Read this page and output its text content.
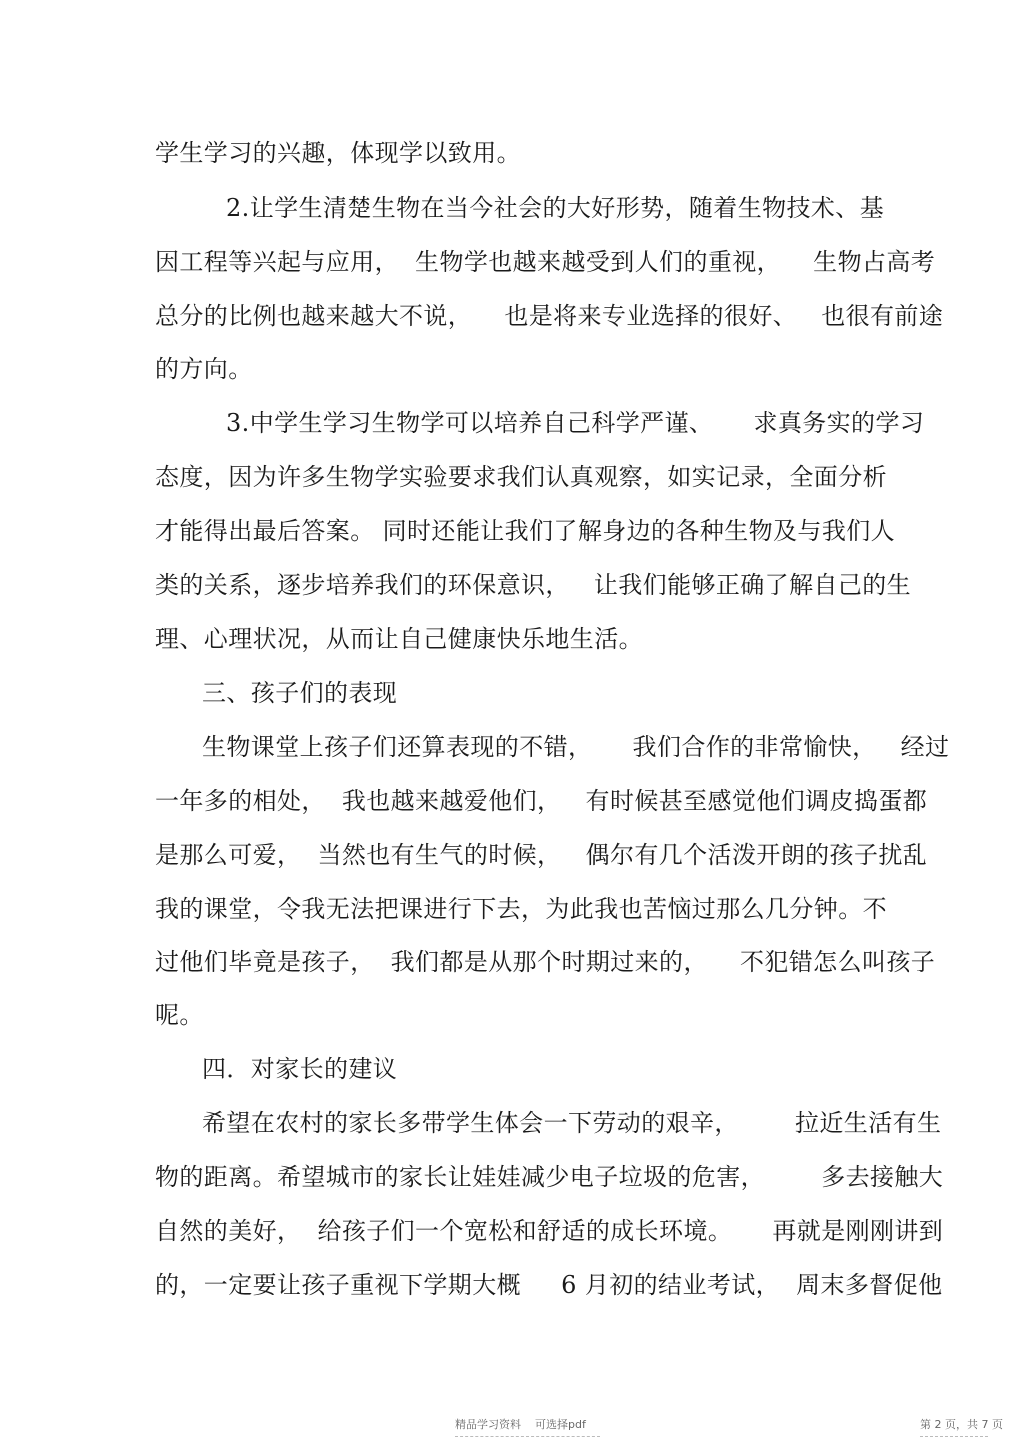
学生学习的兴趣，体现学以致用。
2.让学生清楚生物在当今社会的大好形势，随着生物技术、基
因工程等兴起与应用，  生物学也越来越受到人们的重视，    生物占高考
总分的比例也越来越大不说，    也是将来专业选择的很好、   也很有前途
的方向。
3.中学生学习生物学可以培养自己科学严谨、     求真务实的学习
态度，因为许多生物学实验要求我们认真观察，如实记录，全面分析
才能得出最后答案。 同时还能让我们了解身边的各种生物及与我们人
类的关系，逐步培养我们的环保意识，   让我们能够正确了解自己的生
理、心理状况，从而让自己健康快乐地生活。
三、孩子们的表现
生物课堂上孩子们还算表现的不错，     我们合作的非常愉快，   经过
一年多的相处，  我也越来越爱他们，   有时候甚至感觉他们调皮捣蛋都
是那么可爱，  当然也有生气的时候，   偶尔有几个活泼开朗的孩子扰乱
我的课堂，令我无法把课进行下去，为此我也苦恼过那么几分钟。不
过他们毕竟是孩子，  我们都是从那个时期过来的，    不犯错怎么叫孩子
呢。
四．对家长的建议
希望在农村的家长多带学生体会一下劳动的艰辛，       拉近生活有生
物的距离。希望城市的家长让娃娃减少电子垃圾的危害，       多去接触大
自然的美好，  给孩子们一个宽松和舒适的成长环境。     再就是刚刚讲到
的，一定要让孩子重视下学期大概     6 月初的结业考试，  周末多督促他
精品学习资料    可选择pdf	第 2 页，共 7 页
